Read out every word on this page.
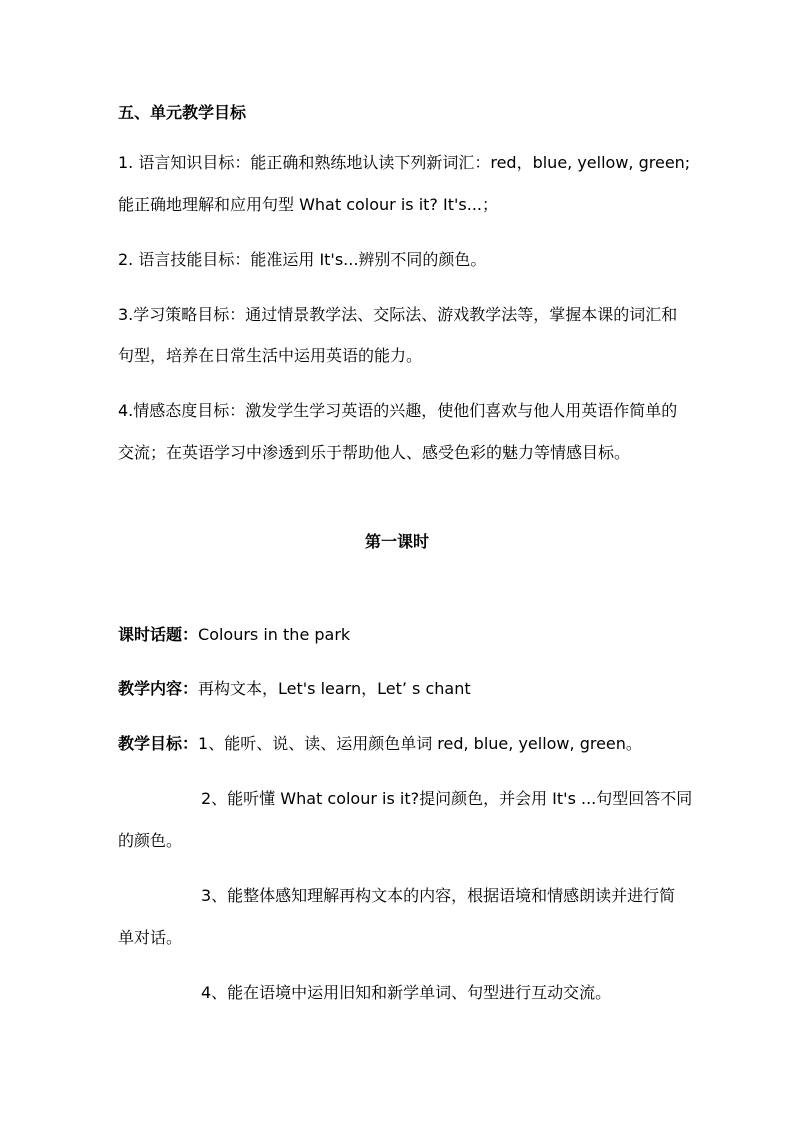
五、单元教学目标
1. 语言知识目标：能正确和熟练地认读下列新词汇：red，blue, yellow, green;
能正确地理解和应用句型 What colour is it? It's...；
2. 语言技能目标：能准运用 It's...辨别不同的颜色。
3.学习策略目标：通过情景教学法、交际法、游戏教学法等，掌握本课的词汇和
句型，培养在日常生活中运用英语的能力。
4.情感态度目标：激发学生学习英语的兴趣，使他们喜欢与他人用英语作简单的
交流；在英语学习中渗透到乐于帮助他人、感受色彩的魅力等情感目标。
第一课时
课时话题：Colours in the park
教学内容：再构文本，Let's learn，Let’ s chant
教学目标：1、能听、说、读、运用颜色单词 red, blue, yellow, green。
2、能听懂 What colour is it?提问颜色，并会用 It's ...句型回答不同
的颜色。
3、能整体感知理解再构文本的内容，根据语境和情感朗读并进行简
单对话。
4、能在语境中运用旧知和新学单词、句型进行互动交流。
